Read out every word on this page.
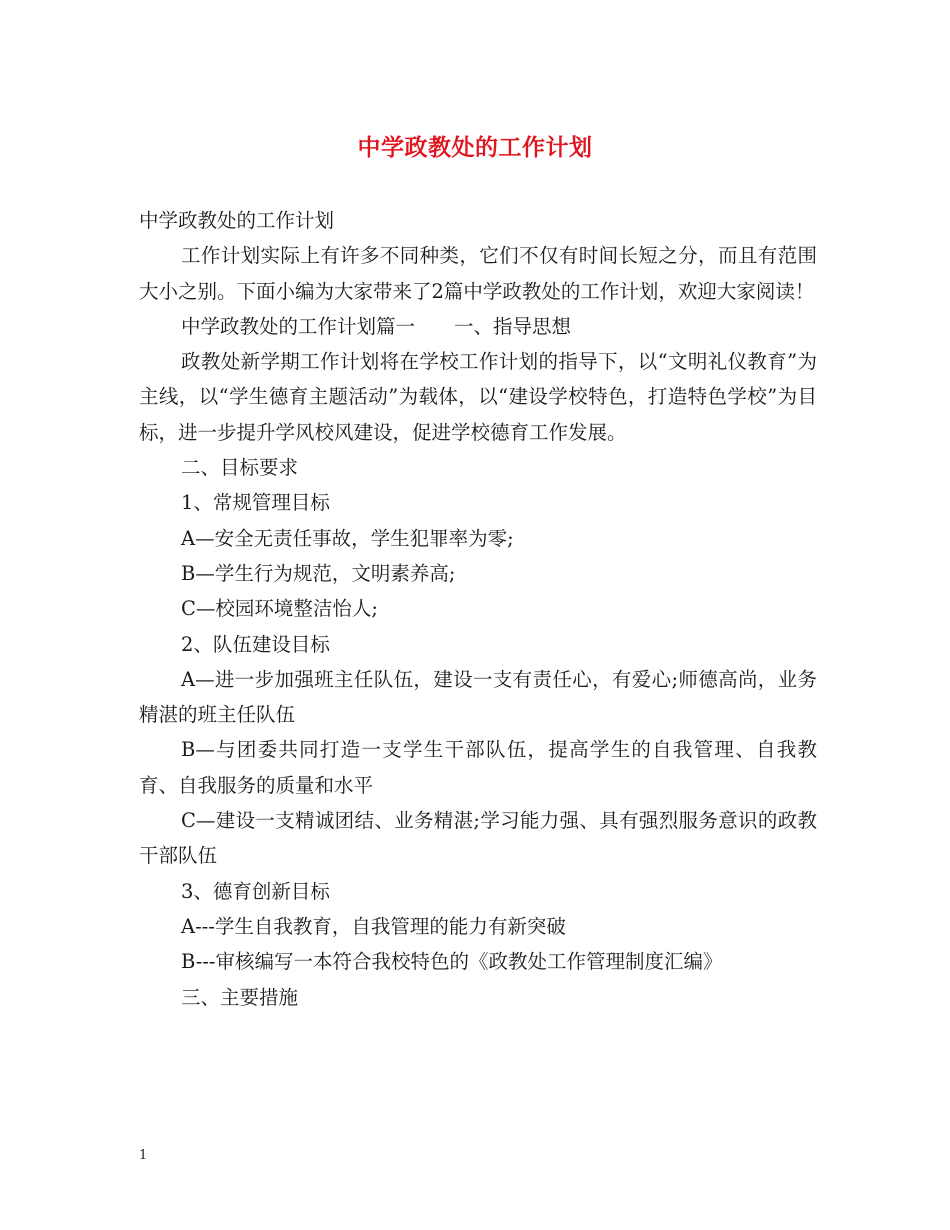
中学政教处的工作计划

中学政教处的工作计划

工作计划实际上有许多不同种类，它们不仅有时间长短之分，而且有范围大小之别。下面小编为大家带来了2篇中学政教处的工作计划，欢迎大家阅读！

中学政教处的工作计划篇一　　一、指导思想

政教处新学期工作计划将在学校工作计划的指导下，以“文明礼仪教育”为主线，以“学生德育主题活动”为载体，以“建设学校特色，打造特色学校”为目标，进一步提升学风校风建设，促进学校德育工作发展。

二、目标要求

1、常规管理目标

A—安全无责任事故，学生犯罪率为零;

B—学生行为规范，文明素养高;

C—校园环境整洁怡人;

2、队伍建设目标

A—进一步加强班主任队伍，建设一支有责任心，有爱心;师德高尚，业务精湛的班主任队伍

B—与团委共同打造一支学生干部队伍，提高学生的自我管理、自我教育、自我服务的质量和水平

C—建设一支精诚团结、业务精湛;学习能力强、具有强烈服务意识的政教干部队伍

3、德育创新目标

A---学生自我教育，自我管理的能力有新突破

B---审核编写一本符合我校特色的《政教处工作管理制度汇编》

三、主要措施

1
